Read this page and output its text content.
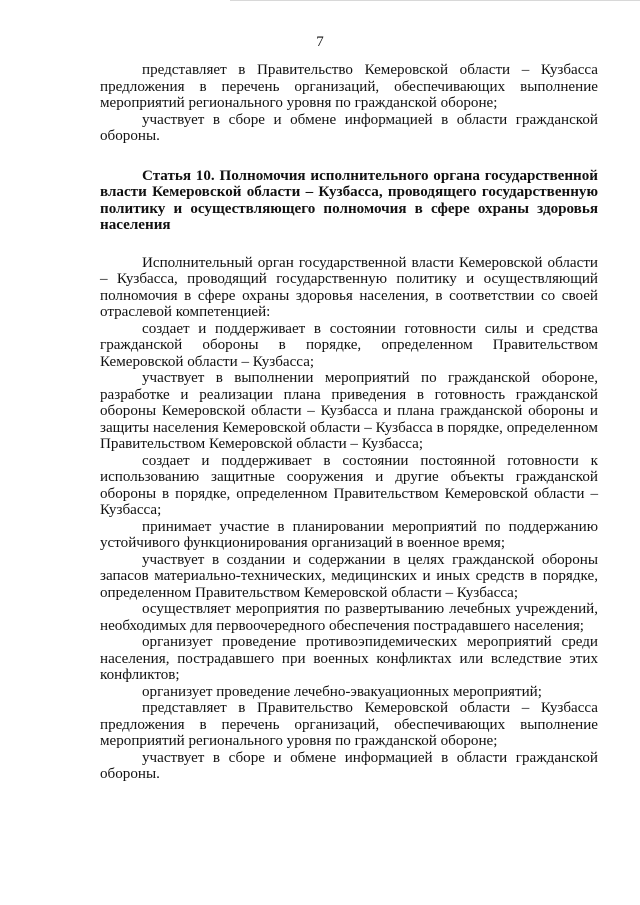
7

представляет в Правительство Кемеровской области – Кузбасса предложения в перечень организаций, обеспечивающих выполнение мероприятий регионального уровня по гражданской обороне;

участвует в сборе и обмене информацией в области гражданской обороны.

Статья 10. Полномочия исполнительного органа государственной власти Кемеровской области – Кузбасса, проводящего государственную политику и осуществляющего полномочия в сфере охраны здоровья населения

Исполнительный орган государственной власти Кемеровской области – Кузбасса, проводящий государственную политику и осуществляющий полномочия в сфере охраны здоровья населения, в соответствии со своей отраслевой компетенцией:

создает и поддерживает в состоянии готовности силы и средства гражданской обороны в порядке, определенном Правительством Кемеровской области – Кузбасса;

участвует в выполнении мероприятий по гражданской обороне, разработке и реализации плана приведения в готовность гражданской обороны Кемеровской области – Кузбасса и плана гражданской обороны и защиты населения Кемеровской области – Кузбасса в порядке, определенном Правительством Кемеровской области – Кузбасса;

создает и поддерживает в состоянии постоянной готовности к использованию защитные сооружения и другие объекты гражданской обороны в порядке, определенном Правительством Кемеровской области – Кузбасса;

принимает участие в планировании мероприятий по поддержанию устойчивого функционирования организаций в военное время;

участвует в создании и содержании в целях гражданской обороны запасов материально-технических, медицинских и иных средств в порядке, определенном Правительством Кемеровской области – Кузбасса;

осуществляет мероприятия по развертыванию лечебных учреждений, необходимых для первоочередного обеспечения пострадавшего населения;

организует проведение противоэпидемических мероприятий среди населения, пострадавшего при военных конфликтах или вследствие этих конфликтов;

организует проведение лечебно-эвакуационных мероприятий;

представляет в Правительство Кемеровской области – Кузбасса предложения в перечень организаций, обеспечивающих выполнение мероприятий регионального уровня по гражданской обороне;

участвует в сборе и обмене информацией в области гражданской обороны.
